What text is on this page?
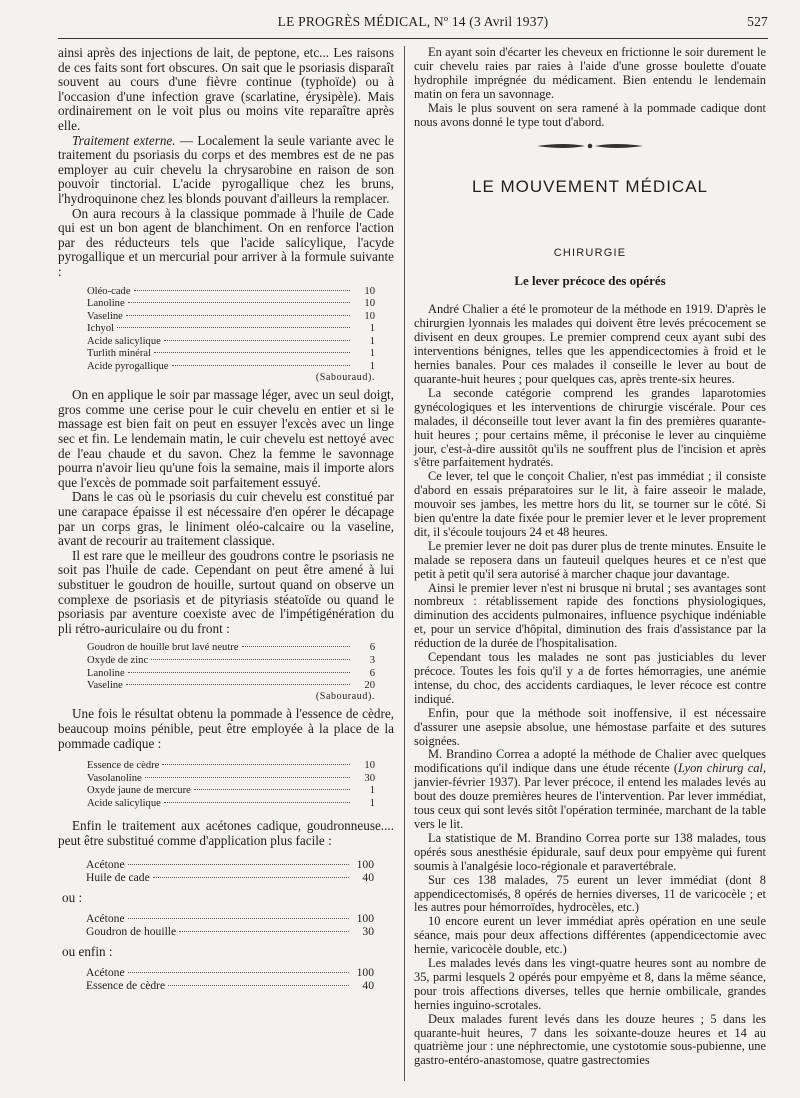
LE PROGRÈS MÉDICAL, Nº 14 (3 Avril 1937)	527

ainsi après des injections de lait, de peptone, etc... Les raisons de ces faits sont fort obscures. On sait que le psoriasis disparaît souvent au cours d'une fièvre continue (typhoïde) ou à l'occasion d'une infection grave (scarlatine, érysipèle). Mais ordinairement on le voit plus ou moins vite reparaître après elle.

Traitement externe. — Localement la seule variante avec le traitement du psoriasis du corps et des membres est de ne pas employer au cuir chevelu la chrysarobine en raison de son pouvoir tinctorial. L'acide pyrogallique chez les bruns, l'hydroquinone chez les blonds pouvant d'ailleurs la remplacer.

On aura recours à la classique pommade à l'huile de Cade qui est un bon agent de blanchiment. On en renforce l'action par des réducteurs tels que l'acide salicylique, l'acyde pyrogallique et un mercurial pour arriver à la formule suivante :

Oléo-cade	10
Lanoline	10
Vaseline	10
Ichyol	1
Acide salicylique	1
Turlith minéral	1
Acide pyrogallique	1
(Sabouraud).

On en applique le soir par massage léger, avec un seul doigt, gros comme une cerise pour le cuir chevelu en entier et si le massage est bien fait on peut en essuyer l'excès avec un linge sec et fin. Le lendemain matin, le cuir chevelu est nettoyé avec de l'eau chaude et du savon. Chez la femme le savonnage pourra n'avoir lieu qu'une fois la semaine, mais il importe alors que l'excès de pommade soit parfaitement essuyé.

Dans le cas où le psoriasis du cuir chevelu est constitué par une carapace épaisse il est nécessaire d'en opérer le décapage par un corps gras, le liniment oléo-calcaire ou la vaseline, avant de recourir au traitement classique.

Il est rare que le meilleur des goudrons contre le psoriasis ne soit pas l'huile de cade. Cependant on peut être amené à lui substituer le goudron de houille, surtout quand on observe un complexe de psoriasis et de pityriasis stéatoïde ou quand le psoriasis par aventure coexiste avec de l'impétigénération du pli rétro-auriculaire ou du front :

Goudron de houille brut lavé neutre	6
Oxyde de zinc	3
Lanoline	6
Vaseline	20
(Sabouraud).

Une fois le résultat obtenu la pommade à l'essence de cèdre, beaucoup moins pénible, peut être employée à la place de la pommade cadique :

Essence de cèdre	10
Vasolanoline	30
Oxyde jaune de mercure	1
Acide salicylique	1

Enfin le traitement aux acétones cadique, goudronneuse.... peut être substitué comme d'application plus facile :

Acétone	100
Huile de cade	40
ou :
Acétone	100
Goudron de houille	30
ou enfin :
Acétone	100
Essence de cèdre	40

En ayant soin d'écarter les cheveux en frictionne le soir durement le cuir chevelu raies par raies à l'aide d'une grosse boulette d'ouate hydrophile imprégnée du médicament. Bien entendu le lendemain matin on fera un savonnage.

Mais le plus souvent on sera ramené à la pommade cadique dont nous avons donné le type tout d'abord.

LE MOUVEMENT MÉDICAL
CHIRURGIE
Le lever précoce des opérés

André Chalier a été le promoteur de la méthode en 1919. D'après le chirurgien lyonnais les malades qui doivent être levés précocement se divisent en deux groupes. Le premier comprend ceux ayant subi des interventions bénignes, telles que les appendicectomies à froid et le hernies banales. Pour ces malades il conseille le lever au bout de quarante-huit heures ; pour quelques cas, après trente-six heures.

La seconde catégorie comprend les grandes laparotomies gynécologiques et les interventions de chirurgie viscérale. Pour ces malades, il déconseille tout lever avant la fin des premières quarante-huit heures ; pour certains même, il préconise le lever au cinquième jour, c'est-à-dire aussitôt qu'ils ne souffrent plus de l'incision et après s'être parfaitement hydratés.

Ce lever, tel que le conçoit Chalier, n'est pas immédiat ; il consiste d'abord en essais préparatoires sur le lit, à faire asseoir le malade, mouvoir ses jambes, les mettre hors du lit, se tourner sur le côté. Si bien qu'entre la date fixée pour le premier lever et le lever proprement dit, il s'écoule toujours 24 et 48 heures.

Le premier lever ne doit pas durer plus de trente minutes. Ensuite le malade se reposera dans un fauteuil quelques heures et ce n'est que petit à petit qu'il sera autorisé à marcher chaque jour davantage.

Ainsi le premier lever n'est ni brusque ni brutal ; ses avantages sont nombreux : rétablissement rapide des fonctions physiologiques, diminution des accidents pulmonaires, influence psychique indéniable et, pour un service d'hôpital, diminution des frais d'assistance par la réduction de la durée de l'hospitalisation.

Cependant tous les malades ne sont pas justiciables du lever précoce. Toutes les fois qu'il y a de fortes hémorragies, une anémie intense, du choc, des accidents cardiaques, le lever récoce est contre indiqué.

Enfin, pour que la méthode soit inoffensive, il est nécessaire d'assurer une asepsie absolue, une hémostase parfaite et des sutures soignées.

M. Brandino Correa a adopté la méthode de Chalier avec quelques modifications qu'il indique dans une étude récente (Lyon chirurg cal, janvier-février 1937). Par lever précoce, il entend les malades levés au bout des douze premières heures de l'intervention. Par lever immédiat, tous ceux qui sont levés sitôt l'opération terminée, marchant de la table vers le lit.

La statistique de M. Brandino Correa porte sur 138 malades, tous opérés sous anesthésie épidurale, sauf deux pour empyème qui furent soumis à l'analgésie loco-régionale et paravertébrale.

Sur ces 138 malades, 75 eurent un lever immédiat (dont 8 appendicectomisés, 8 opérés de hernies diverses, 11 de varicocèle ; et les autres pour hémorroïdes, hydrocèles, etc.)

10 encore eurent un lever immédiat après opération en une seule séance, mais pour deux affections différentes (appendicectomie avec hernie, varicocèle double, etc.)

Les malades levés dans les vingt-quatre heures sont au nombre de 35, parmi lesquels 2 opérés pour empyème et 8, dans la même séance, pour trois affections diverses, telles que hernie ombilicale, grandes hernies inguino-scrotales.

Deux malades furent levés dans les douze heures ; 5 dans les quarante-huit heures, 7 dans les soixante-douze heures et 14 au quatrième jour : une néphrectomie, une cystotomie sous-pubienne, une gastro-entéro-anastomose, quatre gastrectomies
